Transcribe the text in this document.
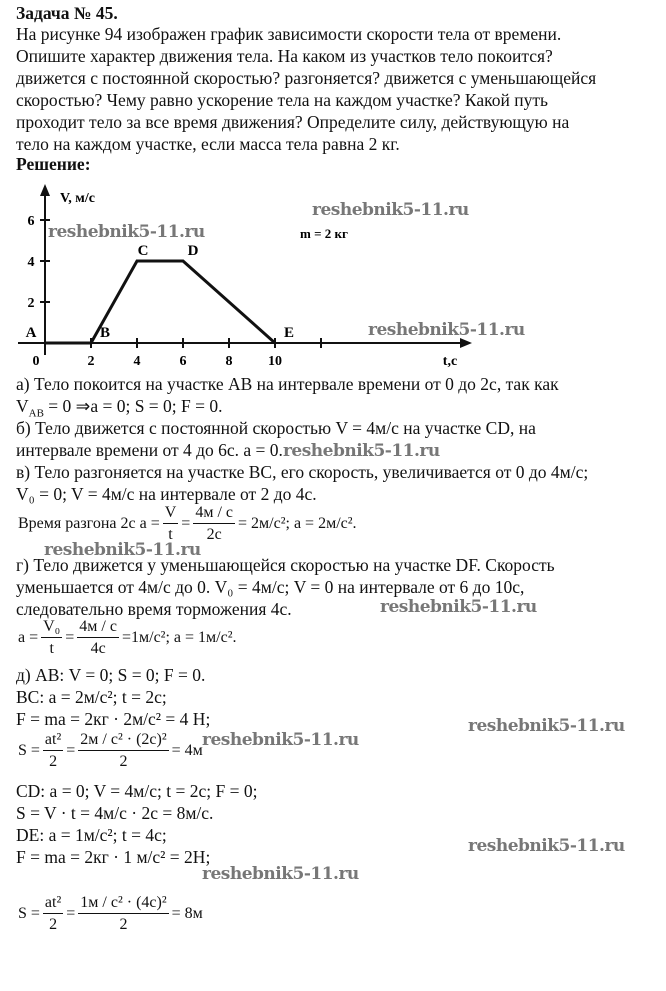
Задача № 45.
На рисунке 94 изображен график зависимости скорости тела от времени.
Опишите характер движения тела. На каком из участков тело покоится?
движется с постоянной скоростью? разгоняется? движется с уменьшающейся
скоростью? Чему равно ускорение тела на каждом участке? Какой путь
проходит тело за все время движения? Определите силу, действующую на
тело на каждом участке, если масса тела равна 2 кг.
Решение:
0	2	4	6	8	10
2
4
6
A	B
C	D
E
V, м/с
t,c
m = 2 кг
reshebnik5-11.ru
reshebnik5-11.ru
reshebnik5-11.ru
а) Тело покоится на участке АВ на интервале времени от 0 до 2с, так как
$V_{AB} = 0$ ⇒a = 0; S = 0; F = 0.
б) Тело движется с постоянной скоростью V = 4м/с на участке CD, на
интервале времени от 4 до 6с. a = 0.reshebnik5-11.ru
в) Тело разгоняется на участке ВС, его скорость, увеличивается от 0 до 4м/с;
V₀ = 0; V = 4м/с на интервале от 2 до 4с.
Время разгона 2с $a = \frac{V}{t}$ =
4м / с
2с
= 2м/с²; a = 2м/с².
reshebnik5-11.ru
г) Тело движется у уменьшающейся скоростью на участке DF. Скорость
уменьшается от 4м/с до 0. V₀ = 4м/с; V = 0 на интервале от 6 до 10с,
следовательно время торможения 4с.	reshebnik5-11.ru
$a = \frac{\text{V₀}}{t}$ =
4м / с
4с
=1м/с²; a = 1м/с².
д) АВ: V = 0; S = 0; F = 0.
ВС: a = 2м/с²; t = 2с;
F = ma = 2кг · 2м/с² = 4 Н;	reshebnik5-11.ru
reshebnik5-11.ru
$S = \frac{\text{at²}}{2}$ =
2м / с² · (2с)²
2
= 4м
CD: a = 0; V = 4м/с; t = 2с; F = 0;
S = V · t = 4м/с · 2с = 8м/с.
DE: a = 1м/с²; t = 4с;
F = ma = 2кг · 1 м/с² = 2Н;
reshebnik5-11.ru
reshebnik5-11.ru
$S = \frac{\text{at²}}{2}$ =
1м / с² · (4с)²
2
= 8м
